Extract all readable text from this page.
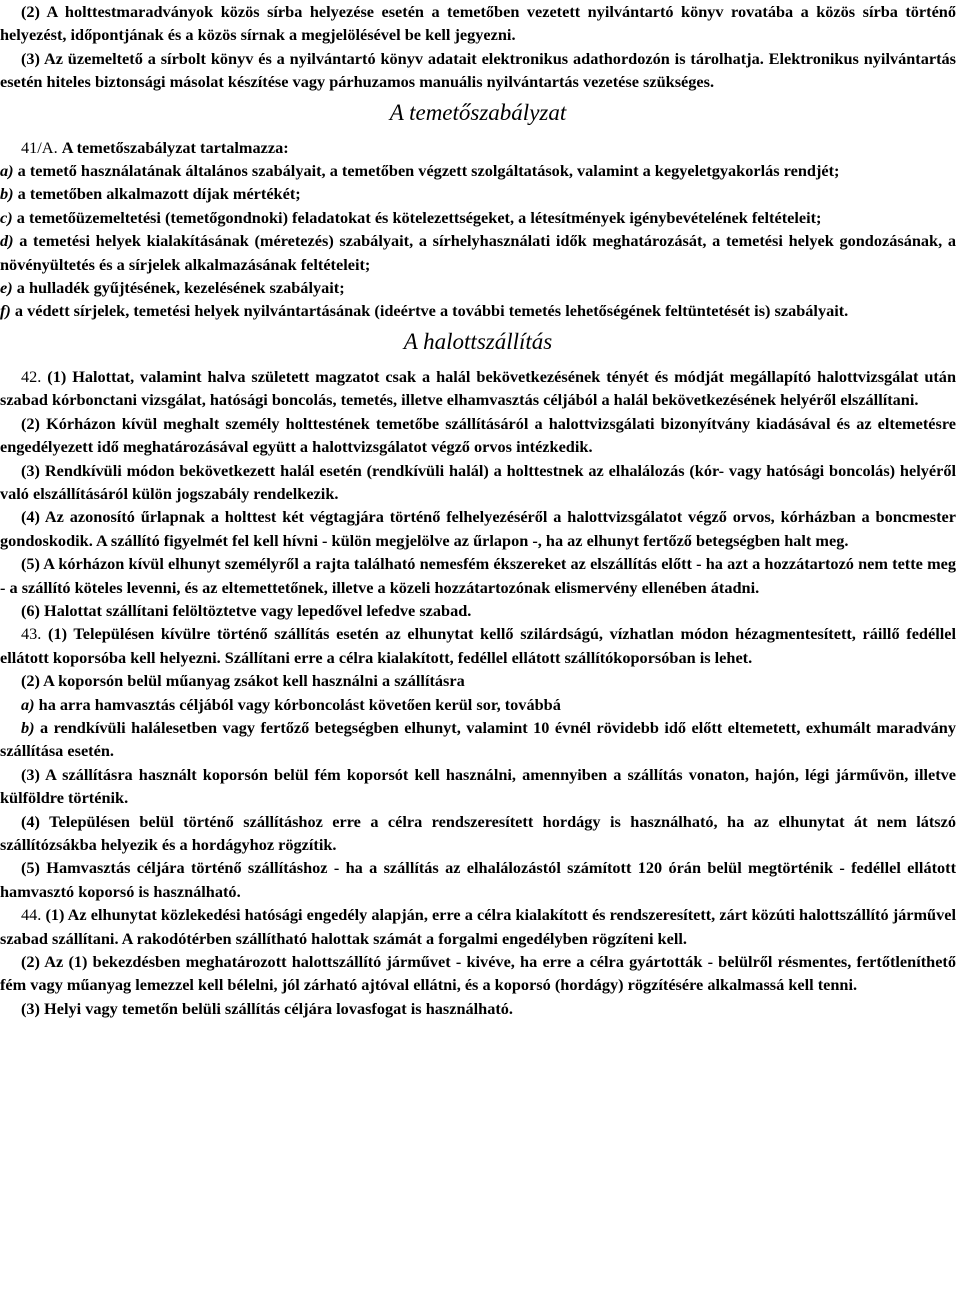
(2) A holttestmaradványok közös sírba helyezése esetén a temetőben vezetett nyilvántartó könyv rovatába a közös sírba történő helyezést, időpontjának és a közös sírnak a megjelölésével be kell jegyezni.

(3) Az üzemeltető a sírbolt könyv és a nyilvántartó könyv adatait elektronikus adathordozón is tárolhatja. Elektronikus nyilvántartás esetén hiteles biztonsági másolat készítése vagy párhuzamos manuális nyilvántartás vezetése szükséges.

A temetőszabályzat

41/A. A temetőszabályzat tartalmazza:

a) a temető használatának általános szabályait, a temetőben végzett szolgáltatások, valamint a kegyeletgyakorlás rendjét;

b) a temetőben alkalmazott díjak mértékét;

c) a temetőüzemeltetési (temetőgondnoki) feladatokat és kötelezettségeket, a létesítmények igénybevételének feltételeit;

d) a temetési helyek kialakításának (méretezés) szabályait, a sírhelyhasználati idők meghatározását, a temetési helyek gondozásának, a növényültetés és a sírjelek alkalmazásának feltételeit;

e) a hulladék gyűjtésének, kezelésének szabályait;

f) a védett sírjelek, temetési helyek nyilvántartásának (ideértve a további temetés lehetőségének feltüntetését is) szabályait.

A halottszállítás

42. (1) Halottat, valamint halva született magzatot csak a halál bekövetkezésének tényét és módját megállapító halottvizsgálat után szabad kórbonctani vizsgálat, hatósági boncolás, temetés, illetve elhamvasztás céljából a halál bekövetkezésének helyéről elszállítani.

(2) Kórházon kívül meghalt személy holttestének temetőbe szállításáról a halottvizsgálati bizonyítvány kiadásával és az eltemetésre engedélyezett idő meghatározásával együtt a halottvizsgálatot végző orvos intézkedik.

(3) Rendkívüli módon bekövetkezett halál esetén (rendkívüli halál) a holttestnek az elhalálozás (kór- vagy hatósági boncolás) helyéről való elszállításáról külön jogszabály rendelkezik.

(4) Az azonosító űrlapnak a holttest két végtagjára történő felhelyezéséről a halottvizsgálatot végző orvos, kórházban a boncmester gondoskodik. A szállító figyelmét fel kell hívni - külön megjelölve az űrlapon -, ha az elhunyt fertőző betegségben halt meg.

(5) A kórházon kívül elhunyt személyről a rajta található nemesfém ékszereket az elszállítás előtt - ha azt a hozzátartozó nem tette meg - a szállító köteles levenni, és az eltemettetőnek, illetve a közeli hozzátartozónak elismervény ellenében átadni.

(6) Halottat szállítani felöltöztetve vagy lepedővel lefedve szabad.

43. (1) Településen kívülre történő szállítás esetén az elhunytat kellő szilárdságú, vízhatlan módon hézagmentesített, ráillő fedéllel ellátott koporsóba kell helyezni. Szállítani erre a célra kialakított, fedéllel ellátott szállítókoporsóban is lehet.

(2) A koporsón belül műanyag zsákot kell használni a szállításra

a) ha arra hamvasztás céljából vagy kórboncolást követően kerül sor, továbbá

b) a rendkívüli halálesetben vagy fertőző betegségben elhunyt, valamint 10 évnél rövidebb idő előtt eltemetett, exhumált maradvány szállítása esetén.

(3) A szállításra használt koporsón belül fém koporsót kell használni, amennyiben a szállítás vonaton, hajón, légi járművön, illetve külföldre történik.

(4) Településen belül történő szállításhoz erre a célra rendszeresített hordágy is használható, ha az elhunytat át nem látszó szállítózsákba helyezik és a hordágyhoz rögzítik.

(5) Hamvasztás céljára történő szállításhoz - ha a szállítás az elhalálozástól számított 120 órán belül megtörténik - fedéllel ellátott hamvasztó koporsó is használható.

44. (1) Az elhunytat közlekedési hatósági engedély alapján, erre a célra kialakított és rendszeresített, zárt közúti halottszállító járművel szabad szállítani. A rakodótérben szállítható halottak számát a forgalmi engedélyben rögzíteni kell.

(2) Az (1) bekezdésben meghatározott halottszállító járművet - kivéve, ha erre a célra gyártották - belülről résmentes, fertőtleníthető fém vagy műanyag lemezzel kell bélelni, jól zárható ajtóval ellátni, és a koporsó (hordágy) rögzítésére alkalmassá kell tenni.

(3) Helyi vagy temetőn belüli szállítás céljára lovasfogat is használható.
